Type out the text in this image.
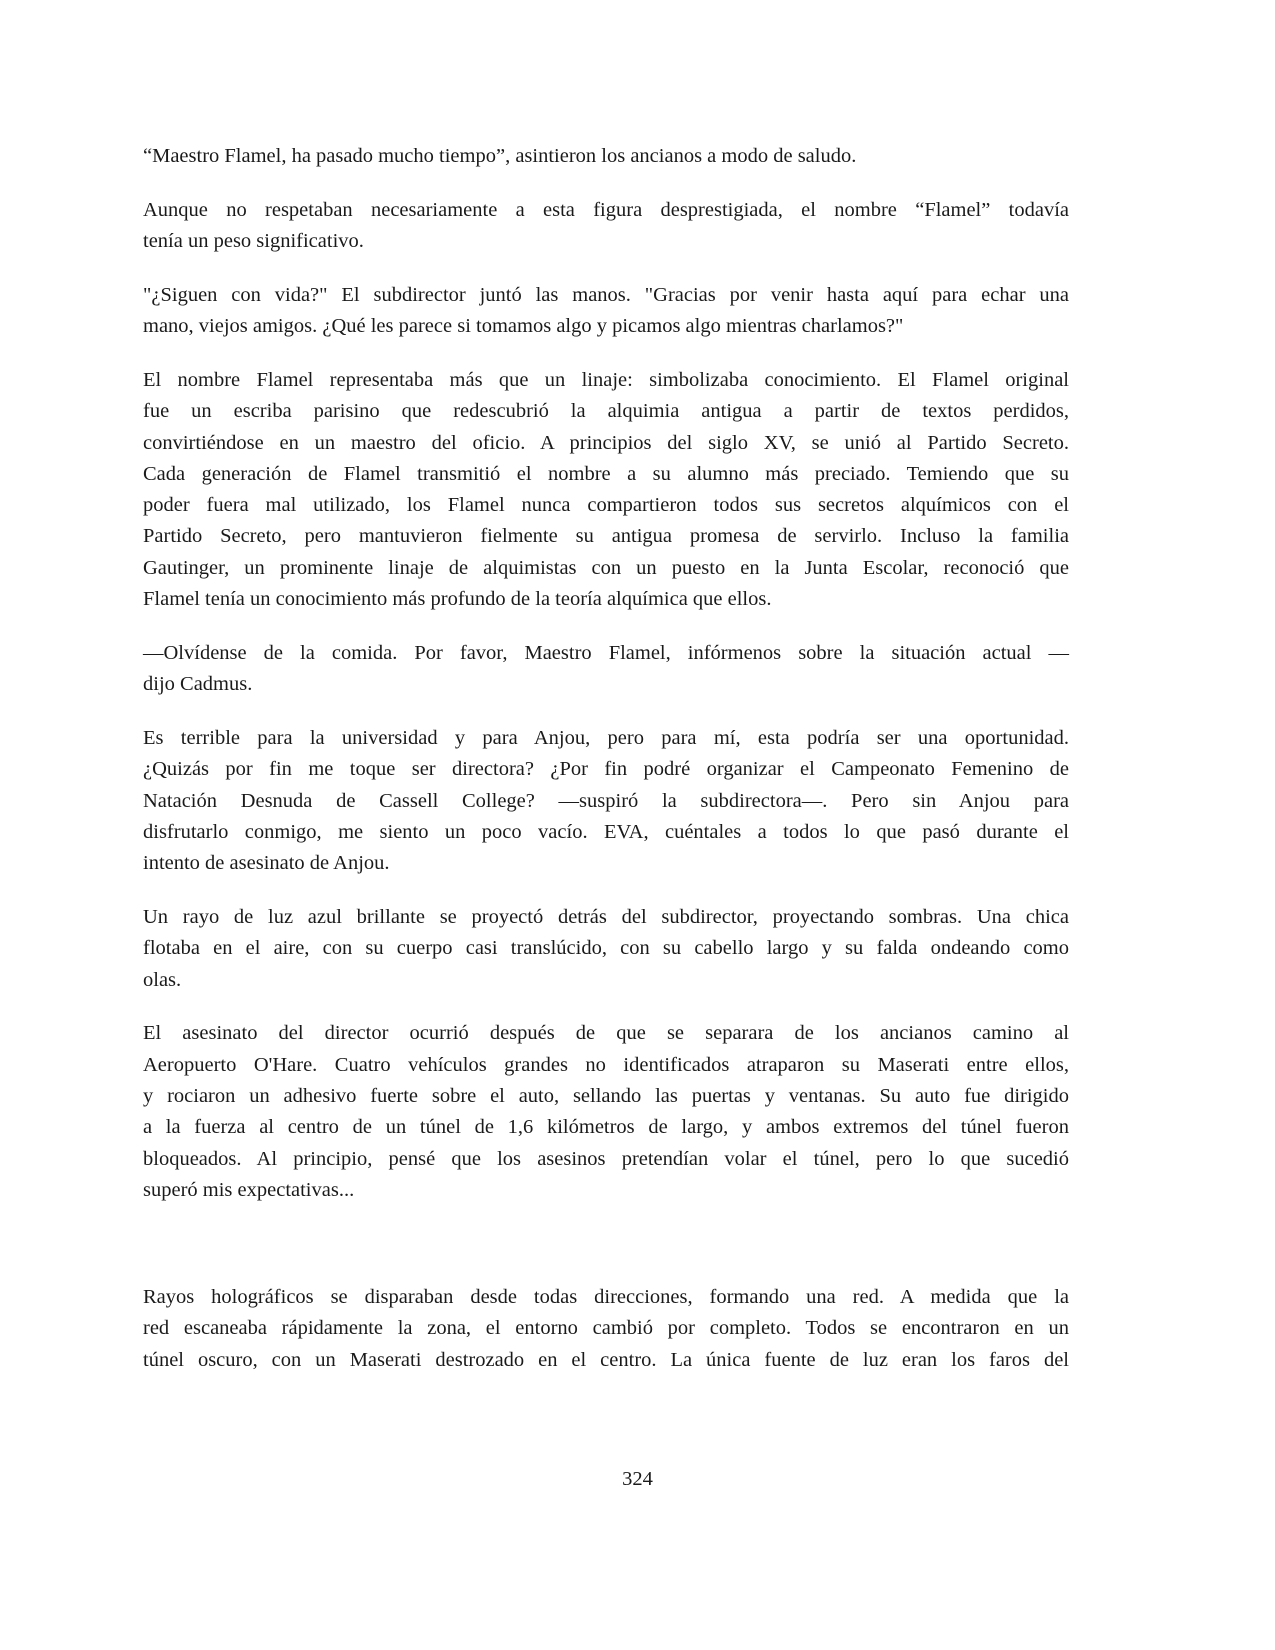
“Maestro Flamel, ha pasado mucho tiempo”, asintieron los ancianos a modo de saludo.
Aunque no respetaban necesariamente a esta figura desprestigiada, el nombre “Flamel” todavía
tenía un peso significativo.
"¿Siguen con vida?" El subdirector juntó las manos. "Gracias por venir hasta aquí para echar una
mano, viejos amigos. ¿Qué les parece si tomamos algo y picamos algo mientras charlamos?"
El nombre Flamel representaba más que un linaje: simbolizaba conocimiento. El Flamel original
fue un escriba parisino que redescubrió la alquimia antigua a partir de textos perdidos,
convirtiéndose en un maestro del oficio. A principios del siglo XV, se unió al Partido Secreto.
Cada generación de Flamel transmitió el nombre a su alumno más preciado. Temiendo que su
poder fuera mal utilizado, los Flamel nunca compartieron todos sus secretos alquímicos con el
Partido Secreto, pero mantuvieron fielmente su antigua promesa de servirlo. Incluso la familia
Gautinger, un prominente linaje de alquimistas con un puesto en la Junta Escolar, reconoció que
Flamel tenía un conocimiento más profundo de la teoría alquímica que ellos.
—Olvídense de la comida. Por favor, Maestro Flamel, infórmenos sobre la situación actual —
dijo Cadmus.
Es terrible para la universidad y para Anjou, pero para mí, esta podría ser una oportunidad.
¿Quizás por fin me toque ser directora? ¿Por fin podré organizar el Campeonato Femenino de
Natación Desnuda de Cassell College? —suspiró la subdirectora—. Pero sin Anjou para
disfrutarlo conmigo, me siento un poco vacío. EVA, cuéntales a todos lo que pasó durante el
intento de asesinato de Anjou.
Un rayo de luz azul brillante se proyectó detrás del subdirector, proyectando sombras. Una chica
flotaba en el aire, con su cuerpo casi translúcido, con su cabello largo y su falda ondeando como
olas.
El asesinato del director ocurrió después de que se separara de los ancianos camino al
Aeropuerto O'Hare. Cuatro vehículos grandes no identificados atraparon su Maserati entre ellos,
y rociaron un adhesivo fuerte sobre el auto, sellando las puertas y ventanas. Su auto fue dirigido
a la fuerza al centro de un túnel de 1,6 kilómetros de largo, y ambos extremos del túnel fueron
bloqueados. Al principio, pensé que los asesinos pretendían volar el túnel, pero lo que sucedió
superó mis expectativas...
Rayos holográficos se disparaban desde todas direcciones, formando una red. A medida que la
red escaneaba rápidamente la zona, el entorno cambió por completo. Todos se encontraron en un
túnel oscuro, con un Maserati destrozado en el centro. La única fuente de luz eran los faros del
324
